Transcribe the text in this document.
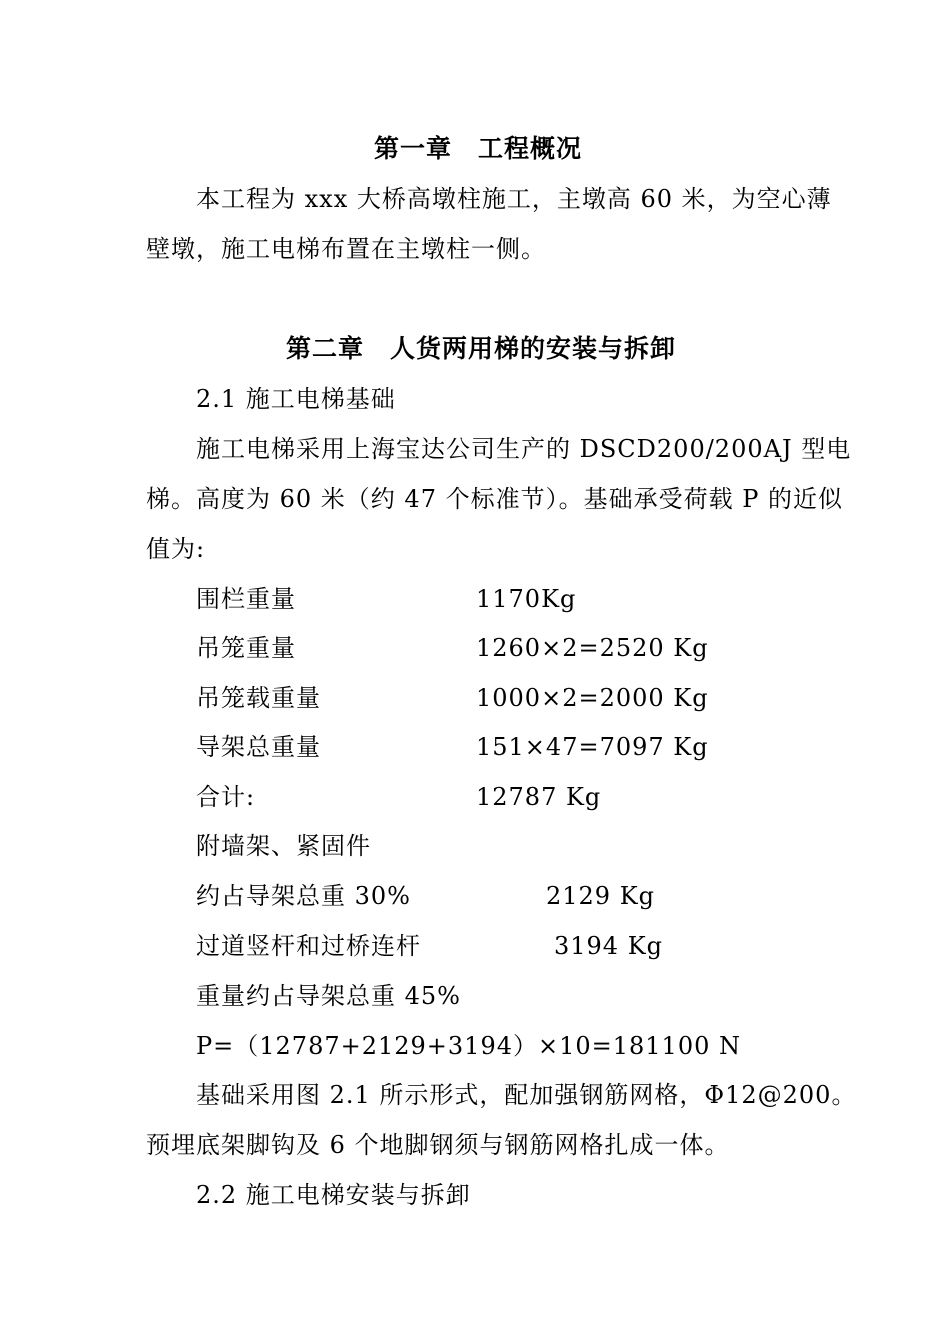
第一章　工程概况
本工程为 xxx 大桥高墩柱施工，主墩高 60 米，为空心薄
壁墩，施工电梯布置在主墩柱一侧。
第二章　人货两用梯的安装与拆卸
2.1 施工电梯基础
施工电梯采用上海宝达公司生产的 DSCD200/200AJ 型电
梯。高度为 60 米（约 47 个标准节）。基础承受荷载 P 的近似
值为:
围栏重量	1170Kg
吊笼重量	1260×2=2520 Kg
吊笼载重量	1000×2=2000 Kg
导架总重量	151×47=7097 Kg
合计:	12787 Kg
附墙架、紧固件
约占导架总重 30%	2129 Kg
过道竖杆和过桥连杆	3194 Kg
重量约占导架总重 45%
P=（12787+2129+3194）×10=181100 N
基础采用图 2.1 所示形式，配加强钢筋网格，Φ12@200。
预埋底架脚钩及 6 个地脚钢须与钢筋网格扎成一体。
2.2 施工电梯安装与拆卸
